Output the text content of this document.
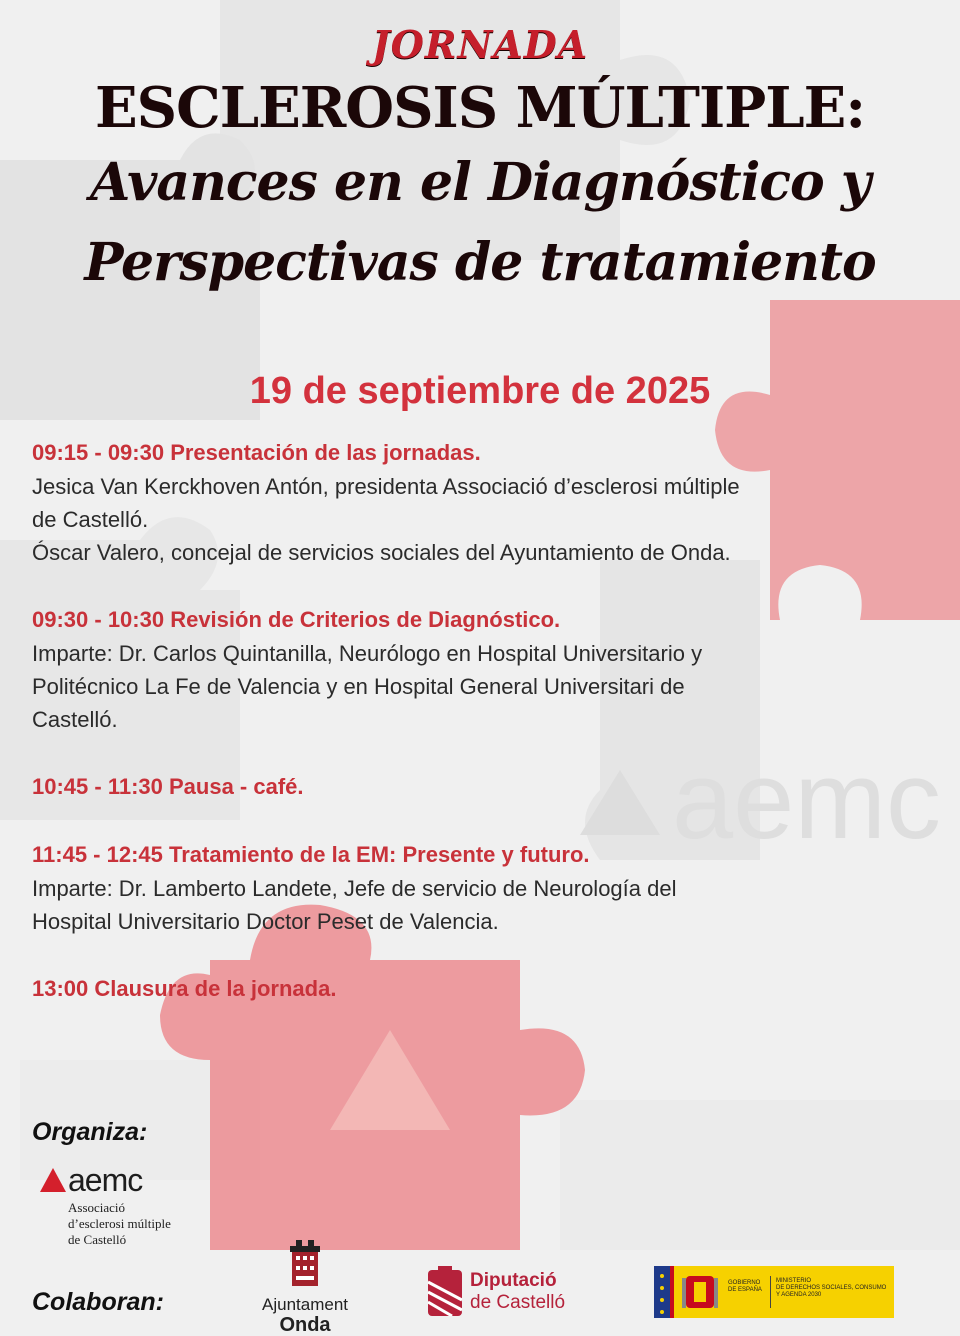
aemc
JORNADA
ESCLEROSIS MÚLTIPLE:
Avances en el Diagnóstico y
Perspectivas de tratamiento
19 de septiembre de 2025
09:15 - 09:30 Presentación de las jornadas.
Jesica Van Kerckhoven Antón, presidenta Associació d’esclerosi múltiple
de Castelló.
Óscar Valero, concejal de servicios sociales del Ayuntamiento de Onda.
09:30 - 10:30 Revisión de Criterios de Diagnóstico.
Imparte: Dr. Carlos Quintanilla, Neurólogo en Hospital Universitario y
Politécnico La Fe de Valencia y en Hospital General Universitari de
Castelló.
10:45 - 11:30 Pausa - café.
11:45 - 12:45 Tratamiento de la EM: Presente y futuro.
Imparte: Dr. Lamberto Landete, Jefe de servicio de Neurología del
Hospital Universitario Doctor Peset de Valencia.
13:00 Clausura de la jornada.
Organiza:
aemc
Associació
d’esclerosi múltiple
de Castelló
Colaboran:	Ajuntament
Onda
Diputació
de Castelló
GOBIERNO
DE ESPAÑA
MINISTERIO
DE DERECHOS SOCIALES, CONSUMO
Y AGENDA 2030
